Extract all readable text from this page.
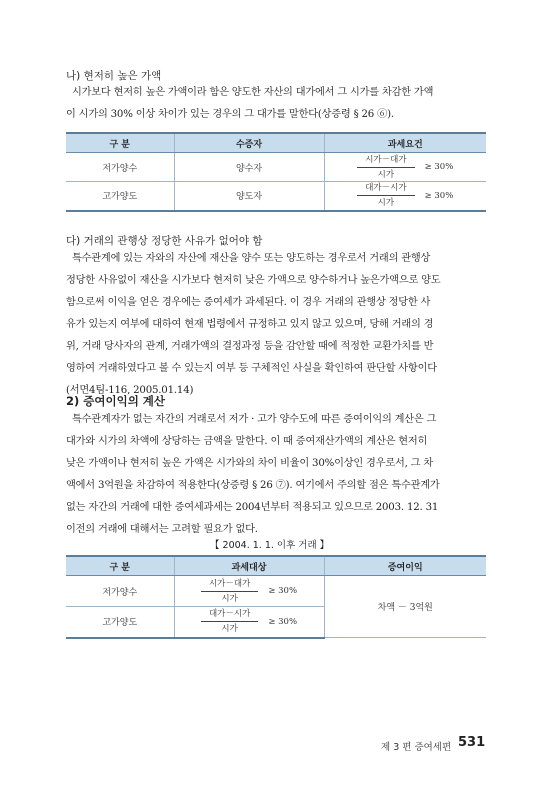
나) 현저히 높은 가액
시가보다 현저히 높은 가액이라 함은 양도한 자산의 대가에서 그 시가를 차감한 가액
이 시가의 30% 이상 차이가 있는 경우의 그 대가를 말한다(상증령 § 26 ⑥).
구 분	수증자	과세요건
저가양수	양수자	$\frac{\text{시가－대가}}{\text{시가}} \ge 30\%$

고가양도	양도자	$\frac{\text{대가－시가}}{\text{시가}} \ge 30\%$
다) 거래의 관행상 정당한 사유가 없어야 함
특수관계에 있는 자와의 자산에 재산을 양수 또는 양도하는 경우로서 거래의 관행상
정당한 사유없이 재산을 시가보다 현저히 낮은 가액으로 양수하거나 높은가액으로 양도
함으로써 이익을 얻은 경우에는 증여세가 과세된다. 이 경우 거래의 관행상 정당한 사
유가 있는지 여부에 대하여 현재 법령에서 규정하고 있지 않고 있으며, 당해 거래의 경
위, 거래 당사자의 관계, 거래가액의 결정과정 등을 감안할 때에 적정한 교환가치를 반
영하여 거래하였다고 볼 수 있는지 여부 등 구체적인 사실을 확인하여 판단할 사항이다
(서면4팀-116, 2005.01.14)
2) 증여이익의 계산
특수관계자가 없는 자간의 거래로서 저가 · 고가 양수도에 따른 증여이익의 계산은 그
대가와 시가의 차액에 상당하는 금액을 말한다. 이 때 증여재산가액의 계산은 현저히
낮은 가액이나 현저히 높은 가액은 시가와의 차이 비율이 30%이상인 경우로서, 그 차
액에서 3억원을 차감하여 적용한다(상증령 § 26 ⑦). 여기에서 주의할 점은 특수관계가
없는 자간의 거래에 대한 증여세과세는 2004년부터 적용되고 있으므로 2003. 12. 31
이전의 거래에 대해서는 고려할 필요가 없다.
【 2004. 1. 1. 이후 거래 】
구 분	과세대상	증여이익
저가양수	$\frac{\text{시가－대가}}{\text{시가}} \ge 30\%$	차액 － 3억원
고가양도	$\frac{\text{대가－시가}}{\text{시가}} \ge 30\%$	
제 3 편 증여세편 531
